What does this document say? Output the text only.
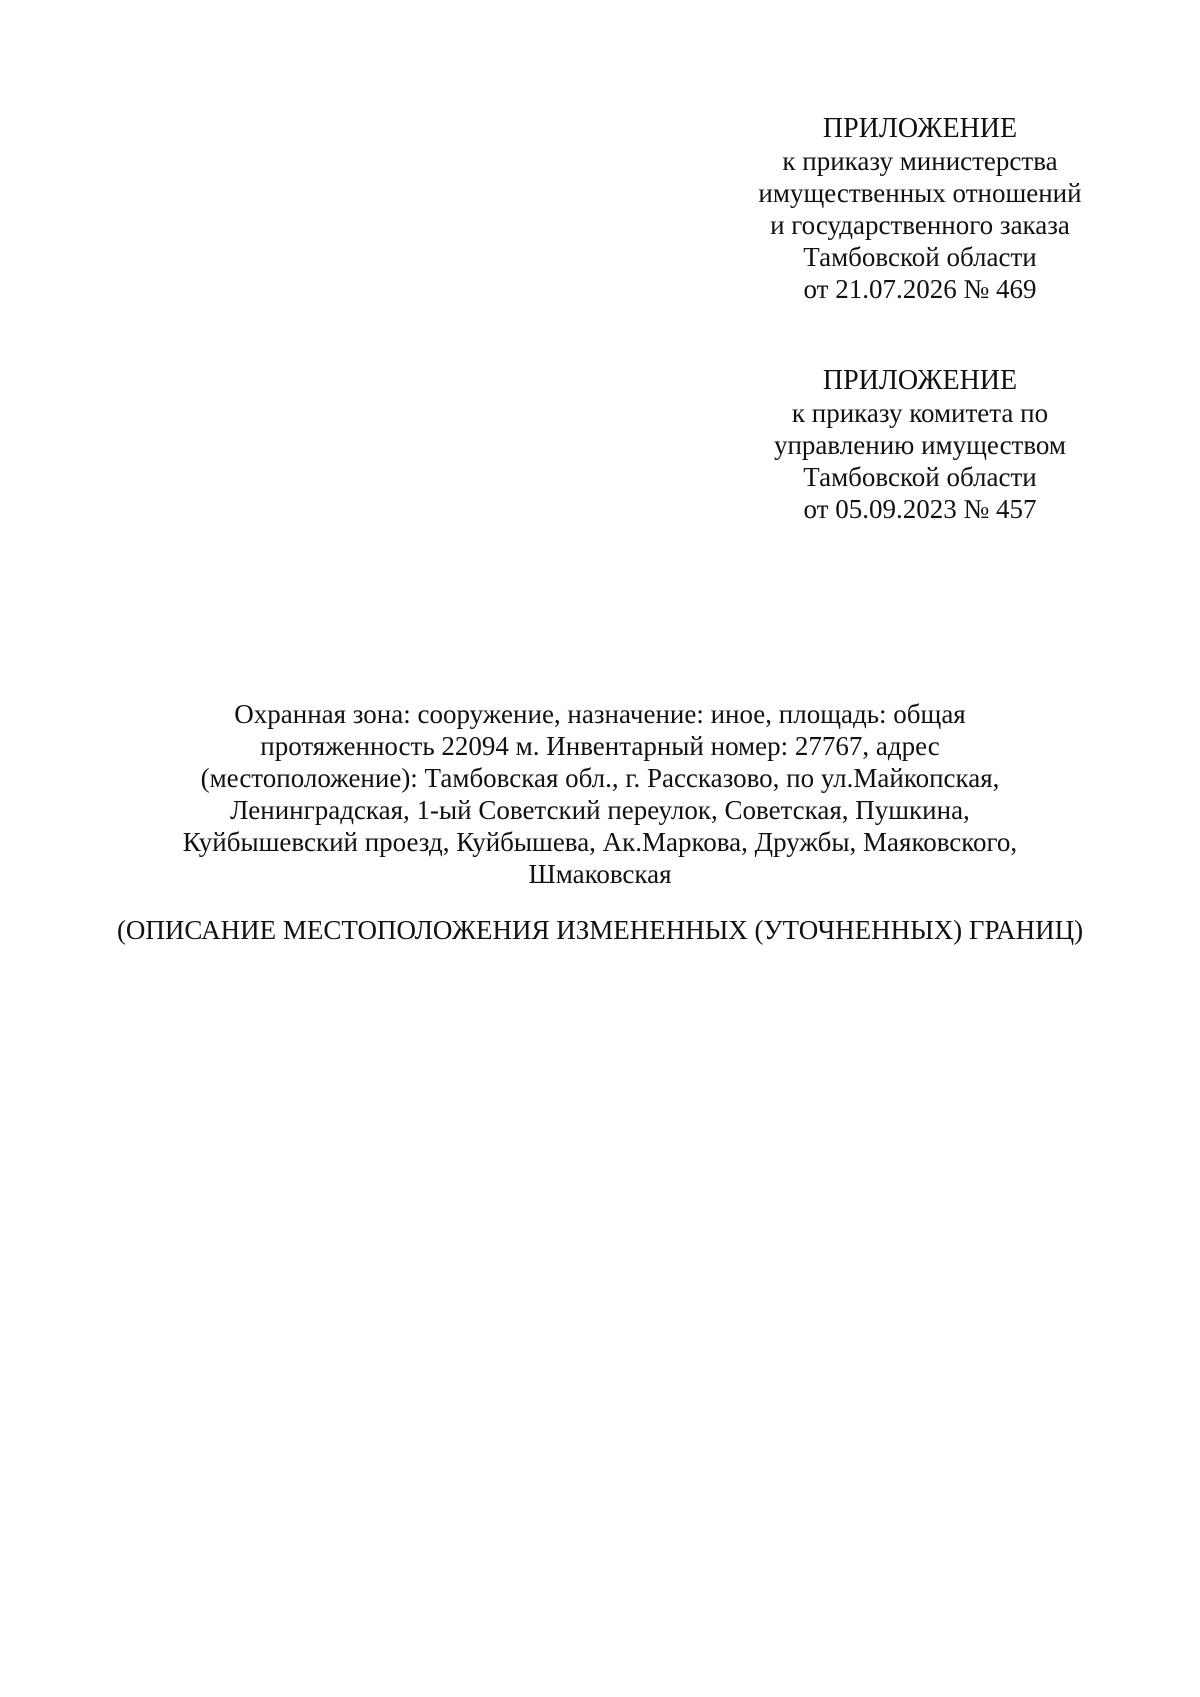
ПРИЛОЖЕНИЕ
к приказу министерства
имущественных отношений
и государственного заказа
Тамбовской области
от 21.07.2026 № 469
ПРИЛОЖЕНИЕ
к приказу комитета по
управлению имуществом
Тамбовской области
от 05.09.2023 № 457
Охранная зона: сооружение, назначение: иное, площадь: общая
протяженность 22094 м. Инвентарный номер: 27767, адрес
(местоположение): Тамбовская обл., г. Рассказово, по ул.Майкопская,
Ленинградская, 1-ый Советский переулок, Советская, Пушкина,
Куйбышевский проезд, Куйбышева, Ак.Маркова, Дружбы, Маяковского,
Шмаковская
(ОПИСАНИЕ МЕСТОПОЛОЖЕНИЯ ИЗМЕНЕННЫХ (УТОЧНЕННЫХ) ГРАНИЦ)
